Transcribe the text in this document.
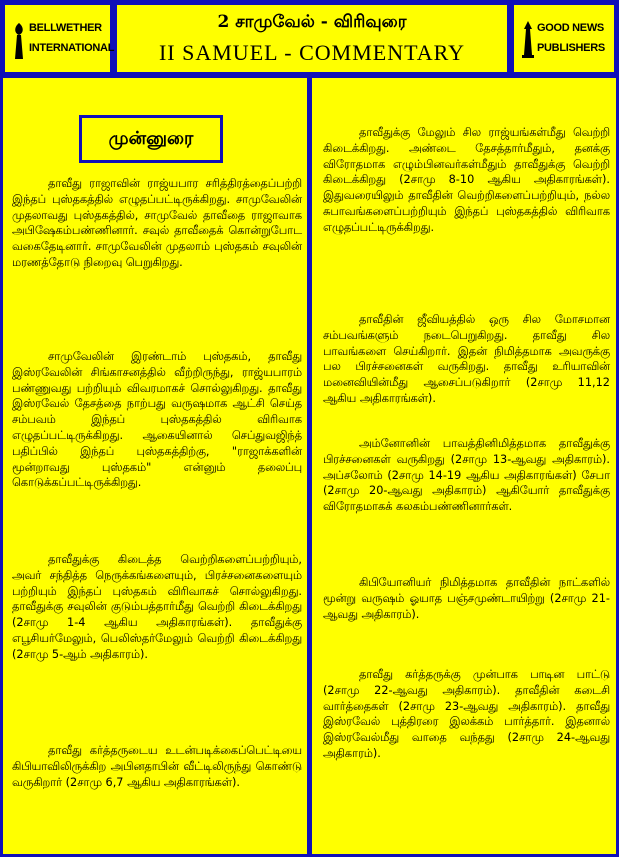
BELLWETHER
INTERNATIONAL
2 சாமுவேல் - விரிவுரை
II SAMUEL - COMMENTARY
GOOD NEWS
PUBLISHERS
முன்னுரை

தாவீது ராஜாவின் ராஜ்யபார சரித்திரத்தைப்பற்றி இந்தப் புஸ்தகத்தில் எழுதப்பட்டிருக்கிறது. சாமுவேலின் முதலாவது புஸ்தகத்தில், சாமுவேல் தாவீதை ராஜாவாக அபிஷேகம்பண்ணினார். சவுல் தாவீதைக் கொன்றுபோட வகைதேடினார். சாமுவேலின் முதலாம் புஸ்தகம் சவுலின் மரணத்தோடு நிறைவு பெறுகிறது.

சாமுவேலின் இரண்டாம் புஸ்தகம், தாவீது இஸ்ரவேலின் சிங்காசனத்தில் வீற்றிருந்து, ராஜ்யபாரம் பண்ணுவது பற்றியும் விவரமாகச் சொல்லுகிறது. தாவீது இஸ்ரவேல் தேசத்தை நாற்பது வருஷமாக ஆட்சி செய்த சம்பவம் இந்தப் புஸ்தகத்தில் விரிவாக எழுதப்பட்டிருக்கிறது. ஆகையினால் செப்துவஜிந்த் பதிப்பில் இந்தப் புஸ்தகத்திற்கு, "ராஜாக்களின் மூன்றாவது புஸ்தகம்" என்னும் தலைப்பு கொடுக்கப்பட்டிருக்கிறது.

தாவீதுக்கு கிடைத்த வெற்றிகளைப்பற்றியும், அவர் சந்தித்த நெருக்கங்களையும், பிரச்சனைகளையும் பற்றியும் இந்தப் புஸ்தகம் விரிவாகச் சொல்லுகிறது. தாவீதுக்கு சவுலின் குடும்பத்தார்மீது வெற்றி கிடைக்கிறது (2சாமு 1-4 ஆகிய அதிகாரங்கள்). தாவீதுக்கு எபூசியர்மேலும், பெலிஸ்தர்மேலும் வெற்றி கிடைக்கிறது (2சாமு 5-ஆம் அதிகாரம்).

தாவீது கர்த்தருடைய உடன்படிக்கைப்பெட்டியை கிபியாவிலிருக்கிற அபினதாபின் வீட்டிலிருந்து கொண்டு வருகிறார் (2சாமு 6,7 ஆகிய அதிகாரங்கள்).

தாவீதுக்கு மேலும் சில ராஜ்யங்கள்மீது வெற்றி கிடைக்கிறது. அண்டை தேசத்தார்மீதும், தனக்கு விரோதமாக எழும்பினவர்கள்மீதும் தாவீதுக்கு வெற்றி கிடைக்கிறது (2சாமு 8-10 ஆகிய அதிகாரங்கள்). இதுவரையிலும் தாவீதின் வெற்றிகளைப்பற்றியும், நல்ல சுபாவங்களைப்பற்றியும் இந்தப் புஸ்தகத்தில் விரிவாக எழுதப்பட்டிருக்கிறது.

தாவீதின் ஜீவியத்தில் ஒரு சில மோசமான சம்பவங்களும் நடைபெறுகிறது. தாவீது சில பாவங்களை செய்கிறார். இதன் நிமித்தமாக அவருக்கு பல பிரச்சனைகள் வருகிறது. தாவீது உரியாவின் மனைவியின்மீது ஆசைப்படுகிறார் (2சாமு 11,12 ஆகிய அதிகாரங்கள்).

அம்னோனின் பாவத்தினிமித்தமாக தாவீதுக்கு பிரச்சனைகள் வருகிறது (2சாமு 13-ஆவது அதிகாரம்). அப்சலோம் (2சாமு 14-19 ஆகிய அதிகாரங்கள்) சேபா (2சாமு 20-ஆவது அதிகாரம்) ஆகியோர் தாவீதுக்கு விரோதமாகக் கலகம்பண்ணினார்கள்.

கிபியோனியர் நிமித்தமாக தாவீதின் நாட்களில் மூன்று வருஷம் ஓயாத பஞ்சமுண்டாயிற்று (2சாமு 21-ஆவது அதிகாரம்).

தாவீது கர்த்தருக்கு முன்பாக பாடின பாட்டு (2சாமு 22-ஆவது அதிகாரம்). தாவீதின் கடைசி வார்த்தைகள் (2சாமு 23-ஆவது அதிகாரம்). தாவீது இஸ்ரவேல் புத்திரரை இலக்கம் பார்த்தார். இதனால் இஸ்ரவேல்மீது வாதை வந்தது (2சாமு 24-ஆவது அதிகாரம்).
